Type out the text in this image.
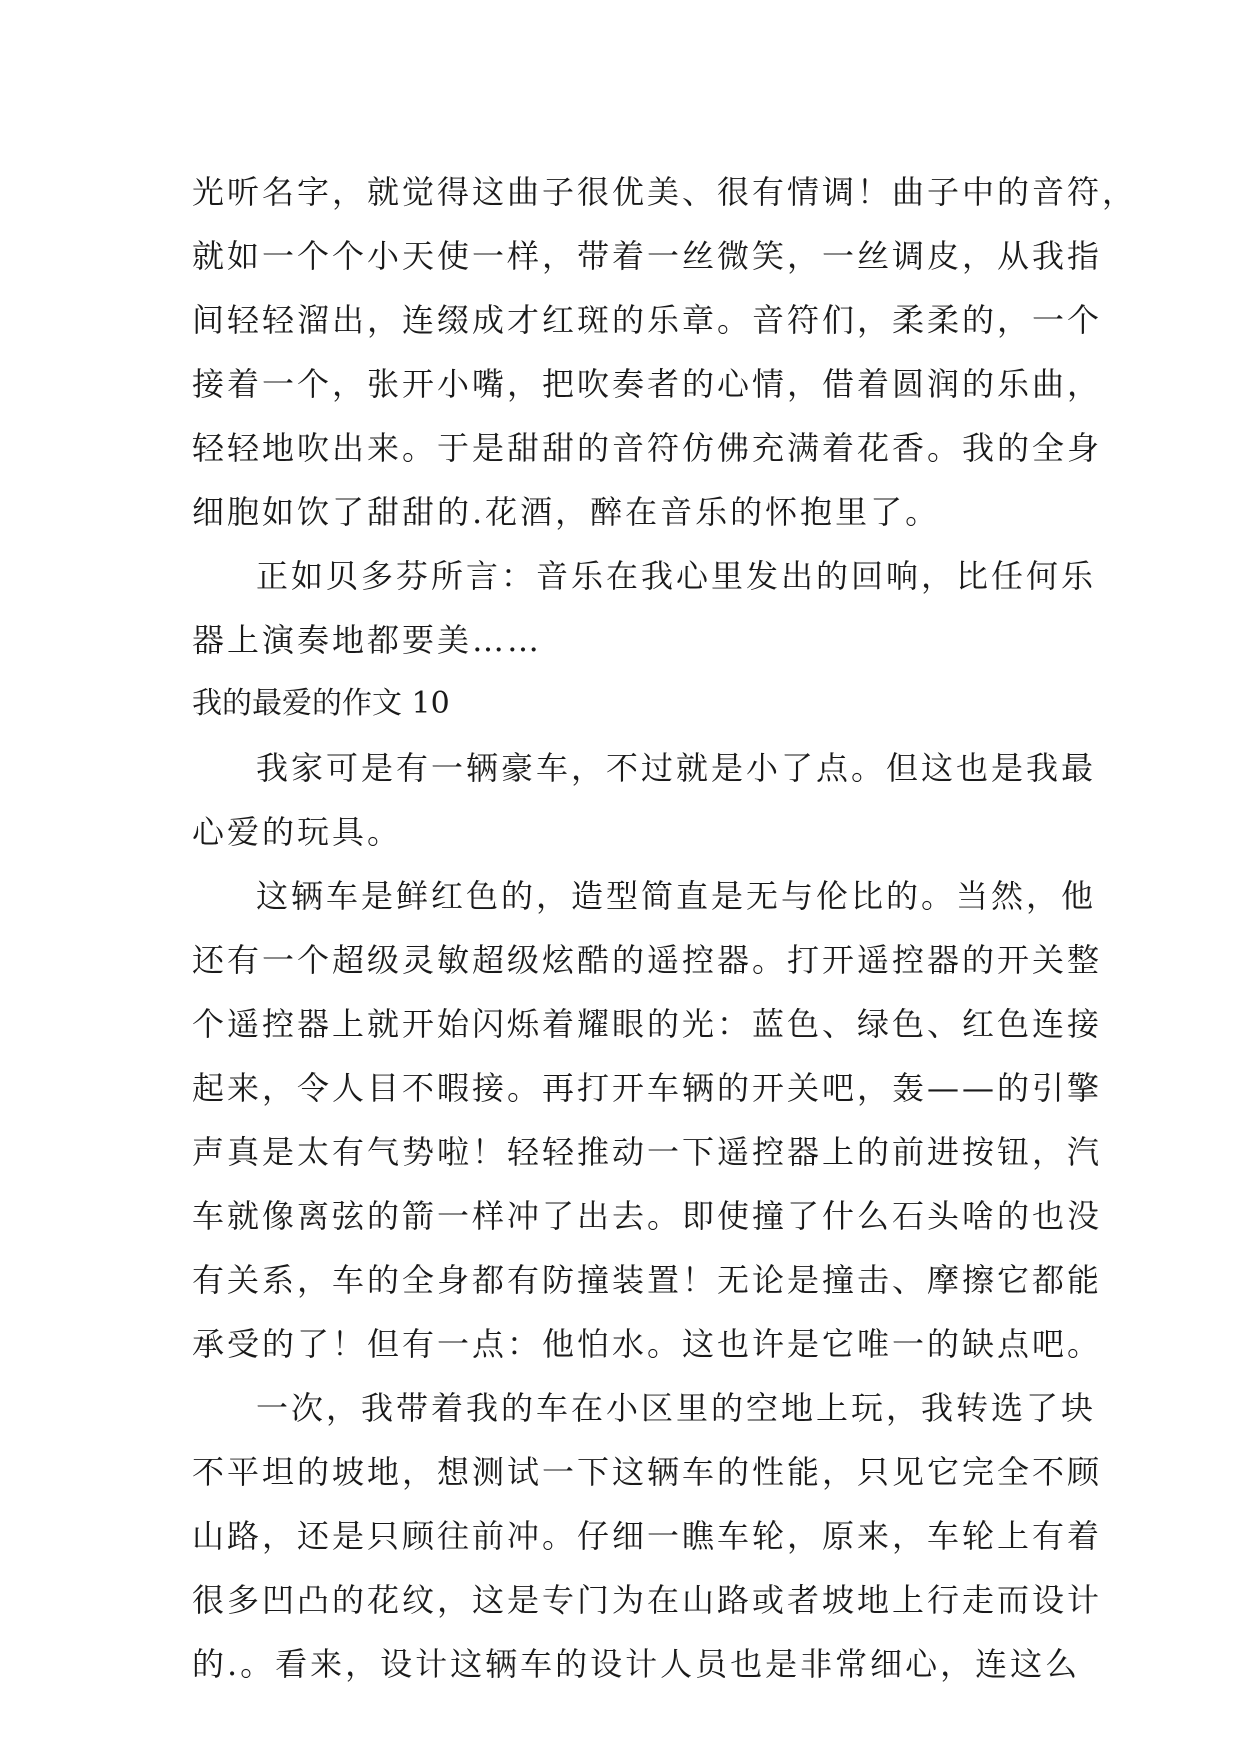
光听名字，就觉得这曲子很优美、很有情调！曲子中的音符，
就如一个个小天使一样，带着一丝微笑，一丝调皮，从我指
间轻轻溜出，连缀成才红斑的乐章。音符们，柔柔的，一个
接着一个，张开小嘴，把吹奏者的心情，借着圆润的乐曲，
轻轻地吹出来。于是甜甜的音符仿佛充满着花香。我的全身
细胞如饮了甜甜的.花酒，醉在音乐的怀抱里了。
正如贝多芬所言：音乐在我心里发出的回响，比任何乐
器上演奏地都要美……
我的最爱的作文 10
我家可是有一辆豪车，不过就是小了点。但这也是我最
心爱的玩具。
这辆车是鲜红色的，造型简直是无与伦比的。当然，他
还有一个超级灵敏超级炫酷的遥控器。打开遥控器的开关整
个遥控器上就开始闪烁着耀眼的光：蓝色、绿色、红色连接
起来，令人目不暇接。再打开车辆的开关吧，轰——的引擎
声真是太有气势啦！轻轻推动一下遥控器上的前进按钮，汽
车就像离弦的箭一样冲了出去。即使撞了什么石头啥的也没
有关系，车的全身都有防撞装置！无论是撞击、摩擦它都能
承受的了！但有一点：他怕水。这也许是它唯一的缺点吧。
一次，我带着我的车在小区里的空地上玩，我转选了块
不平坦的坡地，想测试一下这辆车的性能，只见它完全不顾
山路，还是只顾往前冲。仔细一瞧车轮，原来，车轮上有着
很多凹凸的花纹，这是专门为在山路或者坡地上行走而设计
的.。看来，设计这辆车的设计人员也是非常细心，连这么
